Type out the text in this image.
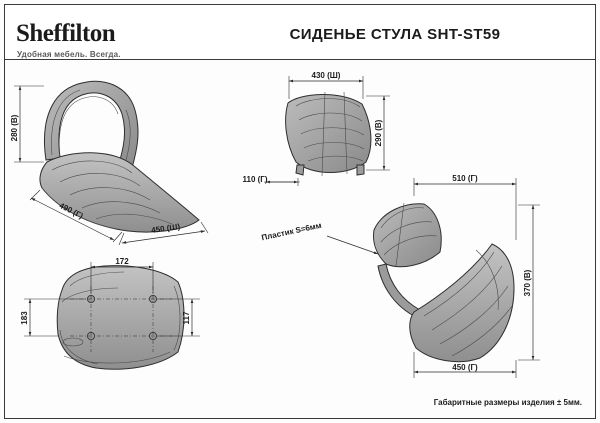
Sheffilton
Удобная мебель. Всегда.
СИДЕНЬЕ СТУЛА SHT-ST59
Габаритные размеры изделия ± 5мм.
280 (В)
490 (Г)
450 (Ш)
430 (Ш)
290 (В)
110 (Г)
Пластик S=6мм
510 (Г)
370 (В)
450 (Г)
172
183	117
